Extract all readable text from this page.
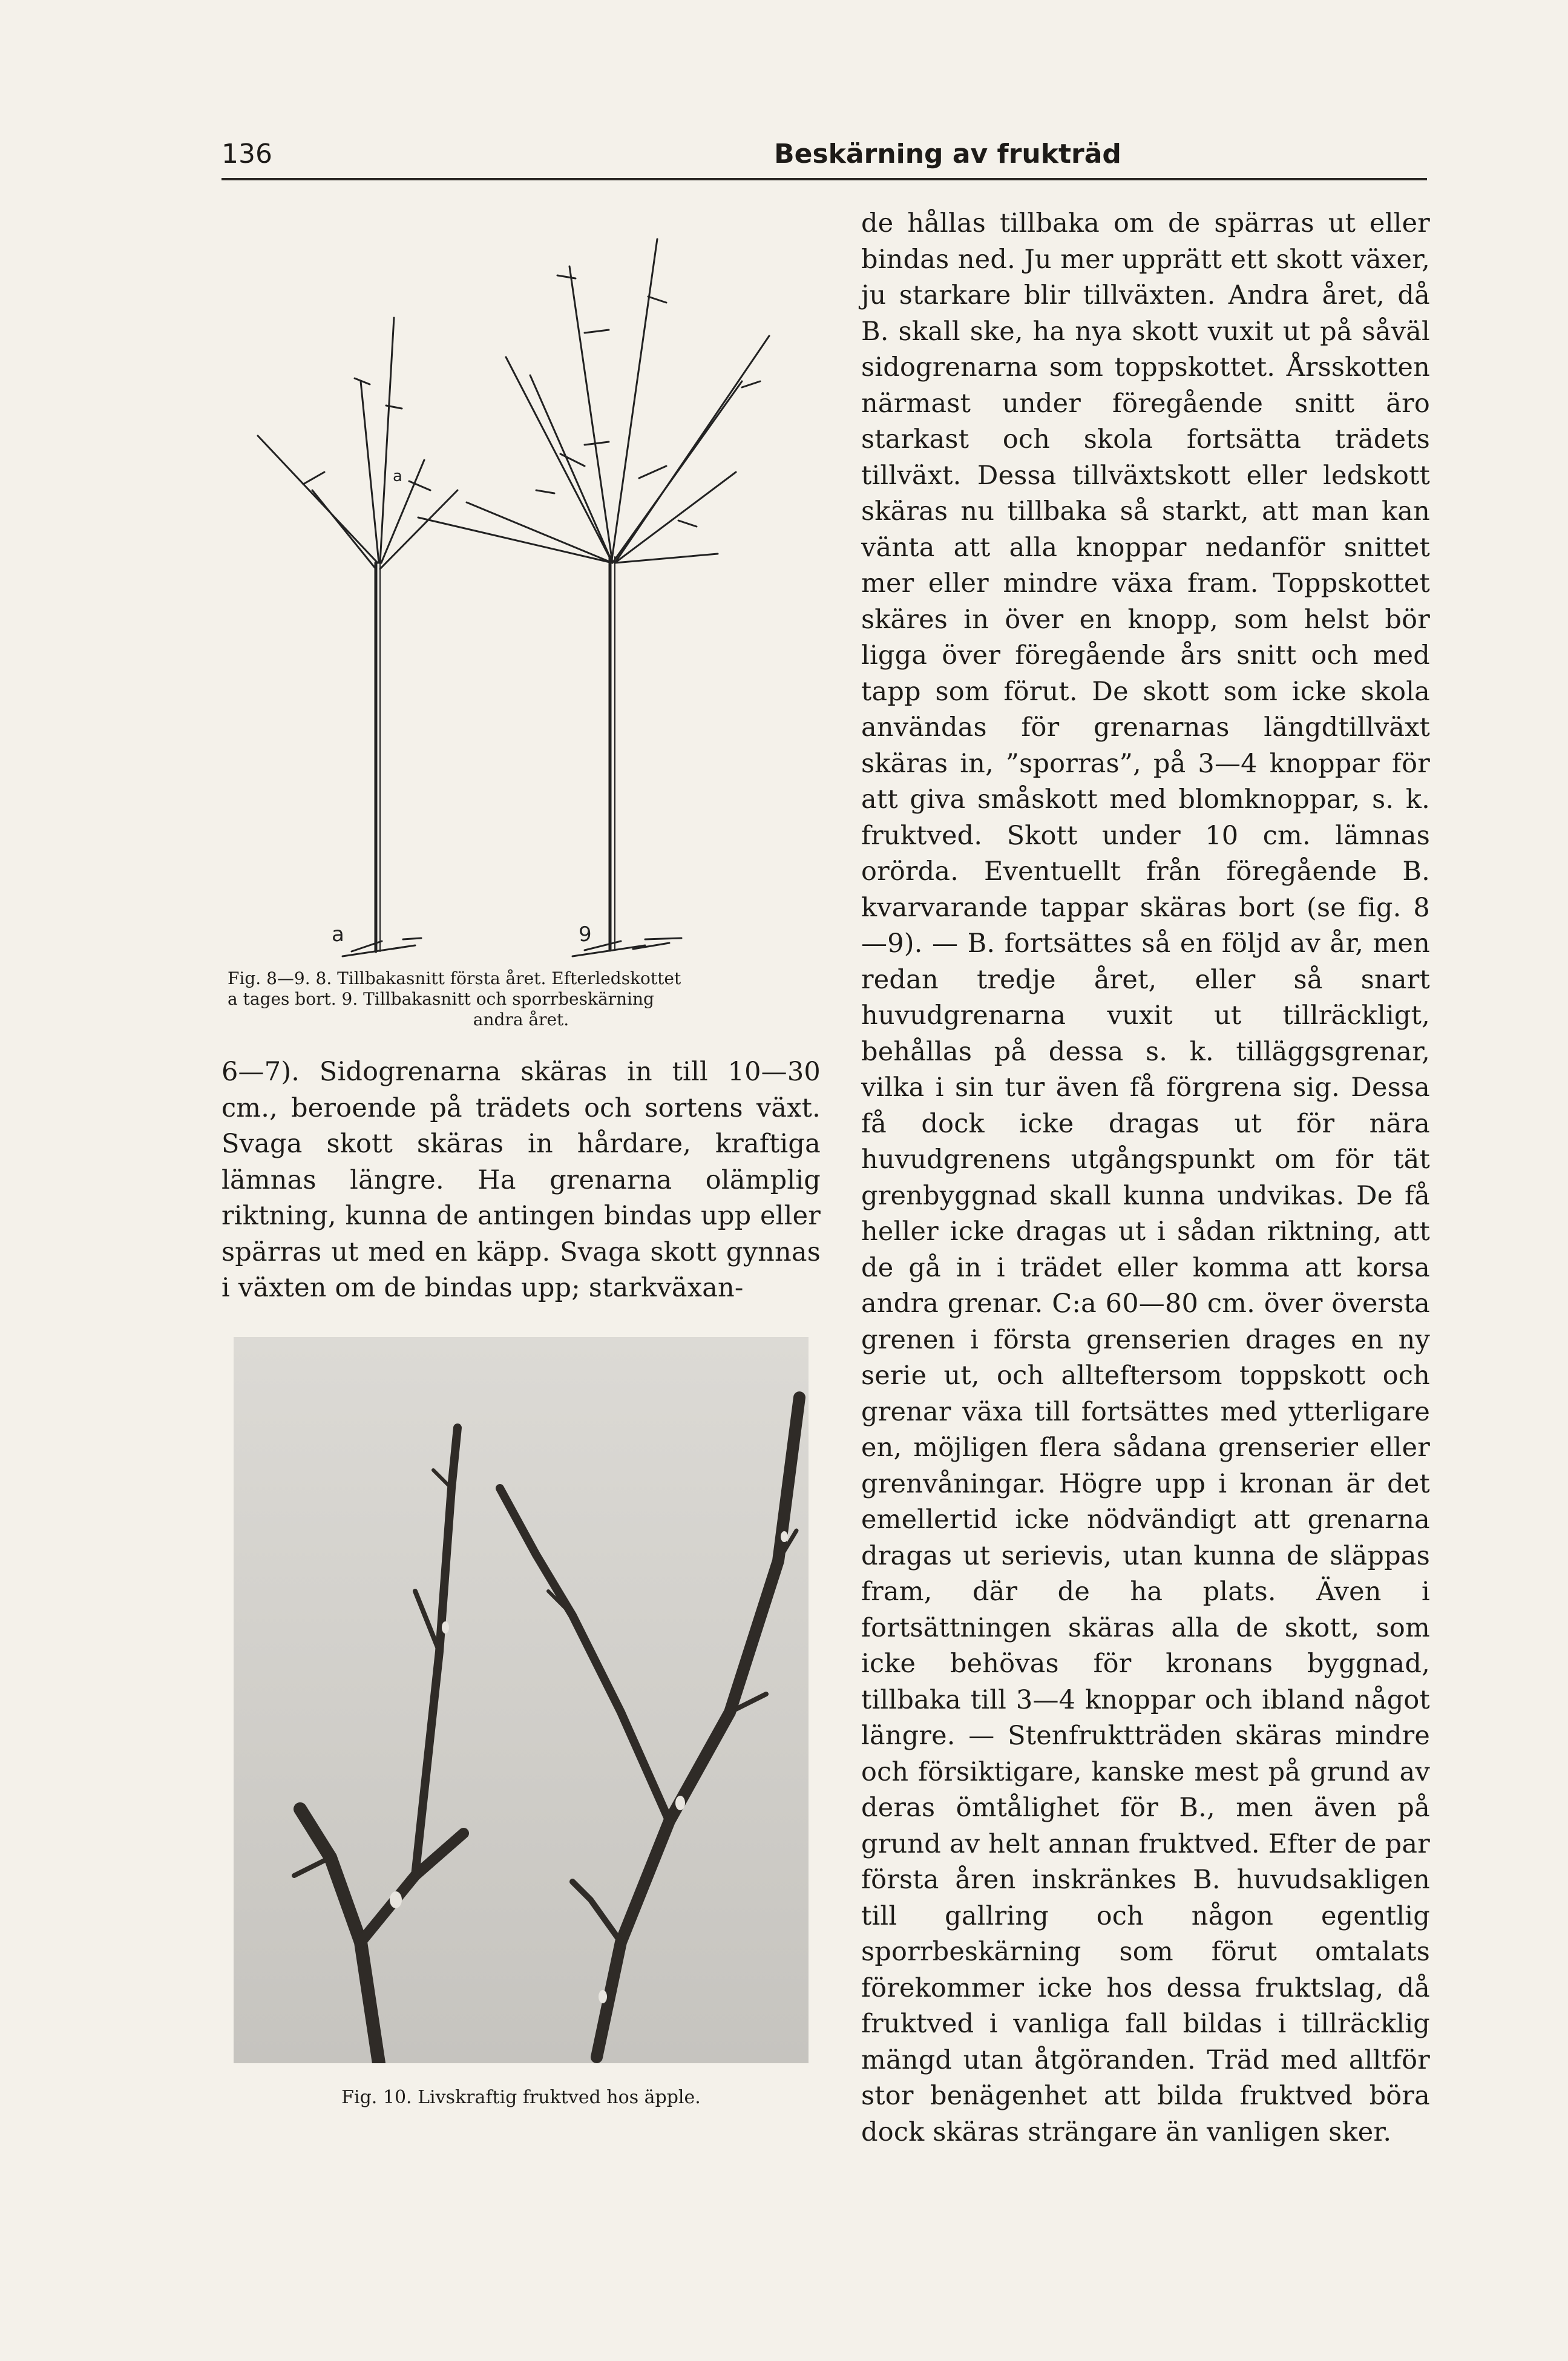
136	Beskärning av frukträd
a	9
a
Fig. 8—9. 8. Tillbakasnitt första året. Efterledskottet
a tages bort. 9. Tillbakasnitt och sporrbeskärning
andra året.

6—7). Sidogrenarna skäras in till 10—30 cm., beroende på trädets och sortens växt. Svaga skott skäras in hårdare, kraftiga lämnas längre. Ha grenarna olämplig riktning, kunna de antingen bindas upp eller spärras ut med en käpp. Svaga skott gynnas i växten om de bindas upp; starkväxan-

Fig. 10. Livskraftig fruktved hos äpple.

de hållas tillbaka om de spärras ut eller bindas ned. Ju mer upprätt ett skott växer, ju starkare blir tillväxten. Andra året, då B. skall ske, ha nya skott vuxit ut på såväl sidogrenarna som toppskottet. Årsskotten närmast under föregående snitt äro starkast och skola fortsätta trädets tillväxt. Dessa tillväxtskott eller ledskott skäras nu tillbaka så starkt, att man kan vänta att alla knoppar nedanför snittet mer eller mindre växa fram. Toppskottet skäres in över en knopp, som helst bör ligga över föregående års snitt och med tapp som förut. De skott som icke skola användas för grenarnas längdtillväxt skäras in, ”sporras”, på 3—4 knoppar för att giva småskott med blomknoppar, s. k. fruktved. Skott under 10 cm. lämnas orörda. Eventuellt från föregående B. kvarvarande tappar skäras bort (se fig. 8—9). — B. fortsättes så en följd av år, men redan tredje året, eller så snart huvudgrenarna vuxit ut tillräckligt, behållas på dessa s. k. tilläggsgrenar, vilka i sin tur även få förgrena sig. Dessa få dock icke dragas ut för nära huvudgrenens utgångspunkt om för tät grenbyggnad skall kunna undvikas. De få heller icke dragas ut i sådan riktning, att de gå in i trädet eller komma att korsa andra grenar. C:a 60—80 cm. över översta grenen i första grenserien drages en ny serie ut, och allteftersom toppskott och grenar växa till fortsättes med ytterligare en, möjligen flera sådana grenserier eller grenvåningar. Högre upp i kronan är det emellertid icke nödvändigt att grenarna dragas ut serievis, utan kunna de släppas fram, där de ha plats. Även i fortsättningen skäras alla de skott, som icke behövas för kronans byggnad, tillbaka till 3—4 knoppar och ibland något längre. — Stenfruktträden skäras mindre och försiktigare, kanske mest på grund av deras ömtålighet för B., men även på grund av helt annan fruktved. Efter de par första åren inskränkes B. huvudsakligen till gallring och någon egentlig sporrbeskärning som förut omtalats förekommer icke hos dessa fruktslag, då fruktved i vanliga fall bildas i tillräcklig mängd utan åtgöranden. Träd med alltför stor benägenhet att bilda fruktved böra dock skäras strängare än vanligen sker.
